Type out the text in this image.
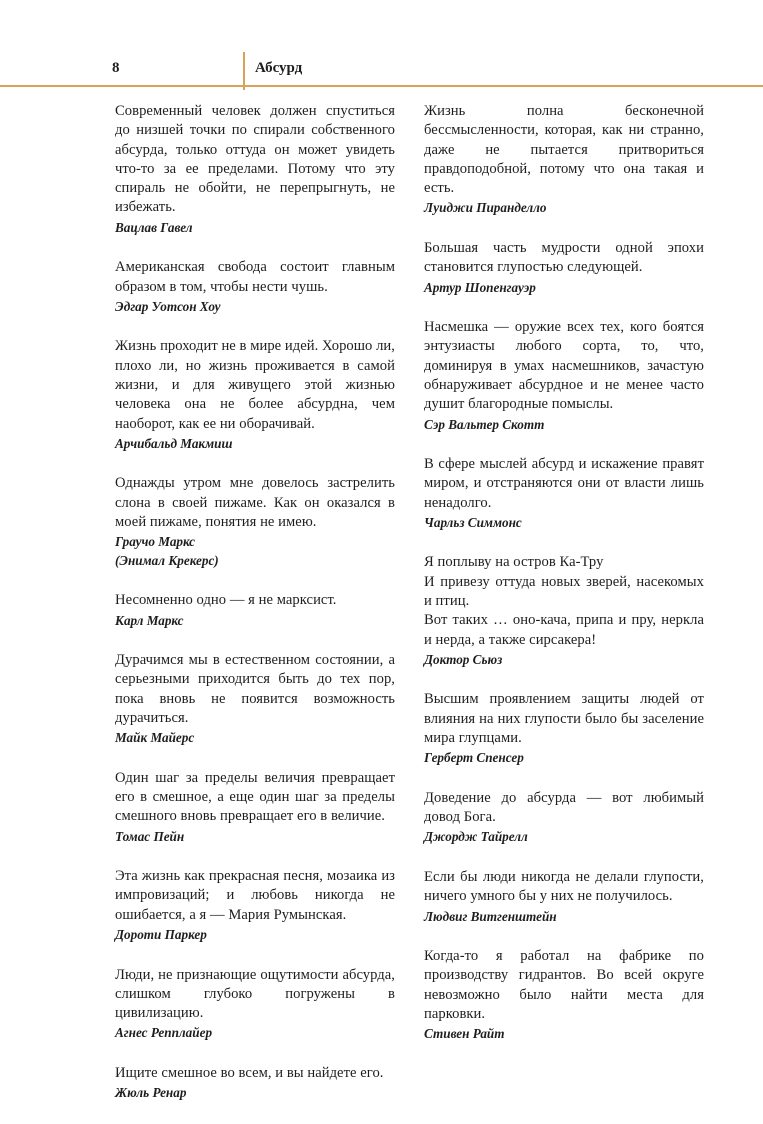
8	Абсурд
Современный человек должен спуститься до низшей точки по спирали собственного абсурда, только оттуда он может увидеть что-то за ее пределами. Потому что эту спираль не обойти, не перепрыгнуть, не избежать.
Вацлав Гавел
Американская свобода состоит главным образом в том, чтобы нести чушь.
Эдгар Уотсон Хоу
Жизнь проходит не в мире идей. Хорошо ли, плохо ли, но жизнь проживается в самой жизни, и для живущего этой жизнью человека она не более абсурдна, чем наоборот, как ее ни оборачивай.
Арчибальд Макмиш
Однажды утром мне довелось застрелить слона в своей пижаме. Как он оказался в моей пижаме, понятия не имею.
Граучо Маркс
(Энимал Крекерс)
Несомненно одно — я не марксист.
Карл Маркс
Дурачимся мы в естественном состоянии, а серьезными приходится быть до тех пор, пока вновь не появится возможность дурачиться.
Майк Майерс
Один шаг за пределы величия превращает его в смешное, а еще один шаг за пределы смешного вновь превращает его в величие.
Томас Пейн
Эта жизнь как прекрасная песня, мозаика из импровизаций; и любовь никогда не ошибается, а я — Мария Румынская.
Дороти Паркер
Люди, не признающие ощутимости абсурда, слишком глубоко погружены в цивилизацию.
Агнес Репплайер
Ищите смешное во всем, и вы найдете его.
Жюль Ренар
Жизнь полна бесконечной бессмысленности, которая, как ни странно, даже не пытается притвориться правдоподобной, потому что она такая и есть.
Луиджи Пиранделло
Большая часть мудрости одной эпохи становится глупостью следующей.
Артур Шопенгауэр
Насмешка — оружие всех тех, кого боятся энтузиасты любого сорта, то, что, доминируя в умах насмешников, зачастую обнаруживает абсурдное и не менее часто душит благородные помыслы.
Сэр Вальтер Скотт
В сфере мыслей абсурд и искажение правят миром, и отстраняются они от власти лишь ненадолго.
Чарльз Симмонс
Я поплыву на остров Ка-Тру
И привезу оттуда новых зверей, насекомых и птиц.
Вот таких … оно-кача, припа и пру, неркла и нерда, а также сирсакера!
Доктор Сьюз
Высшим проявлением защиты людей от влияния на них глупости было бы заселение мира глупцами.
Герберт Спенсер
Доведение до абсурда — вот любимый довод Бога.
Джордж Тайрелл
Если бы люди никогда не делали глупости, ничего умного бы у них не получилось.
Людвиг Витгенштейн
Когда-то я работал на фабрике по производству гидрантов. Во всей округе невозможно было найти места для парковки.
Стивен Райт
